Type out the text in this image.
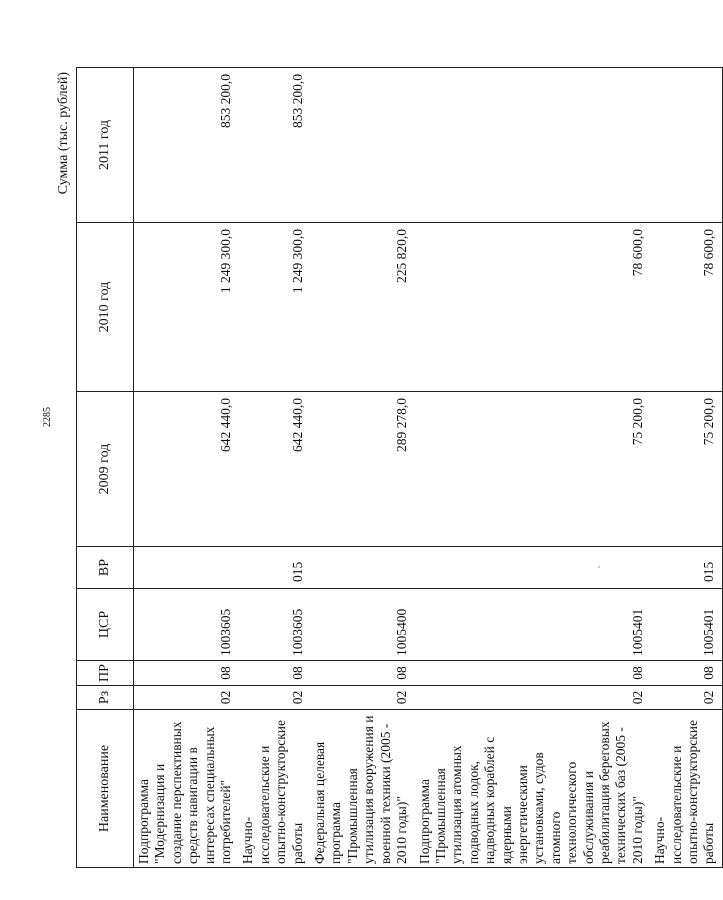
2285
Сумма (тыс. рублей)
Наименование	Рз	ПР	ЦСР	ВР	2009 год	2010 год	2011 год
Подпрограмма "Модернизация и создание перспективных средств навигации в интересах специальных потребителей"	02	08	1003605		642 440,0	1 249 300,0	853 200,0
Научно-исследовательские и опытно-конструкторские работы	02	08	1003605	015	642 440,0	1 249 300,0	853 200,0
Федеральная целевая программа "Промышленная утилизация вооружения и военной техники (2005 - 2010 годы)"	02	08	1005400		289 278,0	225 820,0	
Подпрограмма "Промышленная утилизация атомных подводных лодок, надводных кораблей с ядерными энергетическими установками, судов атомного технологического обслуживания и реабилитация береговых технических баз (2005 - 2010 годы)"	02	08	1005401		75 200,0	78 600,0	
Научно-исследовательские и опытно-конструкторские работы	02	08	1005401	015	75 200,0	78 600,0	
